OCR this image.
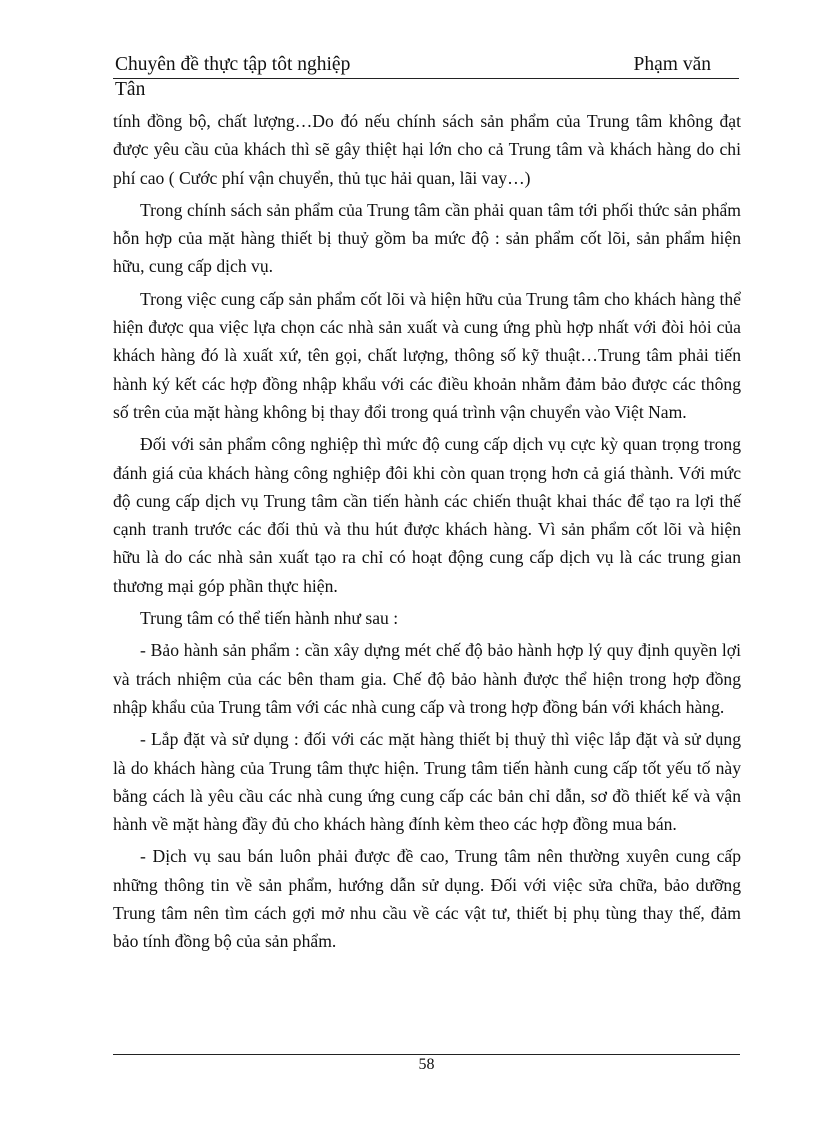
Chuyên đề thực tập tôt nghiệp	Phạm văn
Tân

tính đồng bộ, chất lượng…Do đó nếu chính sách sản phẩm của Trung tâm không đạt được yêu cầu của khách thì sẽ gây thiệt hại lớn cho cả Trung tâm và khách hàng do chi phí cao ( Cước phí vận chuyển, thủ tục hải quan, lãi vay…)

Trong chính sách sản phẩm của Trung tâm cần phải quan tâm tới phối thức sản phẩm hỗn hợp của mặt hàng thiết bị thuỷ gồm ba mức độ : sản phẩm cốt lõi, sản phẩm hiện hữu, cung cấp dịch vụ.

Trong việc cung cấp sản phẩm cốt lõi và hiện hữu của Trung tâm cho khách hàng thể hiện được qua việc lựa chọn các nhà sản xuất và cung ứng phù hợp nhất với đòi hỏi của khách hàng đó là xuất xứ, tên gọi, chất lượng, thông số kỹ thuật…Trung tâm phải tiến hành ký kết các hợp đồng nhập khẩu với các điều khoản nhằm đảm bảo được các thông số trên của mặt hàng không bị thay đổi trong quá trình vận chuyển vào Việt Nam.

Đối với sản phẩm công nghiệp thì mức độ cung cấp dịch vụ cực kỳ quan trọng trong đánh giá của khách hàng công nghiệp đôi khi còn quan trọng hơn cả giá thành. Với mức độ cung cấp dịch vụ Trung tâm cần tiến hành các chiến thuật khai thác để tạo ra lợi thế cạnh tranh trước các đối thủ và thu hút được khách hàng. Vì sản phẩm cốt lõi và hiện hữu là do các nhà sản xuất tạo ra chỉ có hoạt động cung cấp dịch vụ là các trung gian thương mại góp phần thực hiện.

Trung tâm có thể tiến hành như sau :

- Bảo hành sản phẩm : cần xây dựng mét chế độ bảo hành hợp lý quy định quyền lợi và trách nhiệm của các bên tham gia. Chế độ bảo hành được thể hiện trong hợp đồng nhập khẩu của Trung tâm với các nhà cung cấp và trong hợp đồng bán với khách hàng.

- Lắp đặt và sử dụng : đối với các mặt hàng thiết bị thuỷ thì việc lắp đặt và sử dụng là do khách hàng của Trung tâm thực hiện. Trung tâm tiến hành cung cấp tốt yếu tố này bằng cách là yêu cầu các nhà cung ứng cung cấp các bản chỉ dẫn, sơ đồ thiết kế và vận hành về mặt hàng đầy đủ cho khách hàng đính kèm theo các hợp đồng mua bán.

- Dịch vụ sau bán luôn phải được đề cao, Trung tâm nên thường xuyên cung cấp những thông tin về sản phẩm, hướng dẫn sử dụng. Đối với việc sửa chữa, bảo dưỡng Trung tâm nên tìm cách gợi mở nhu cầu về các vật tư, thiết bị phụ tùng thay thế, đảm bảo tính đồng bộ của sản phẩm.

58
